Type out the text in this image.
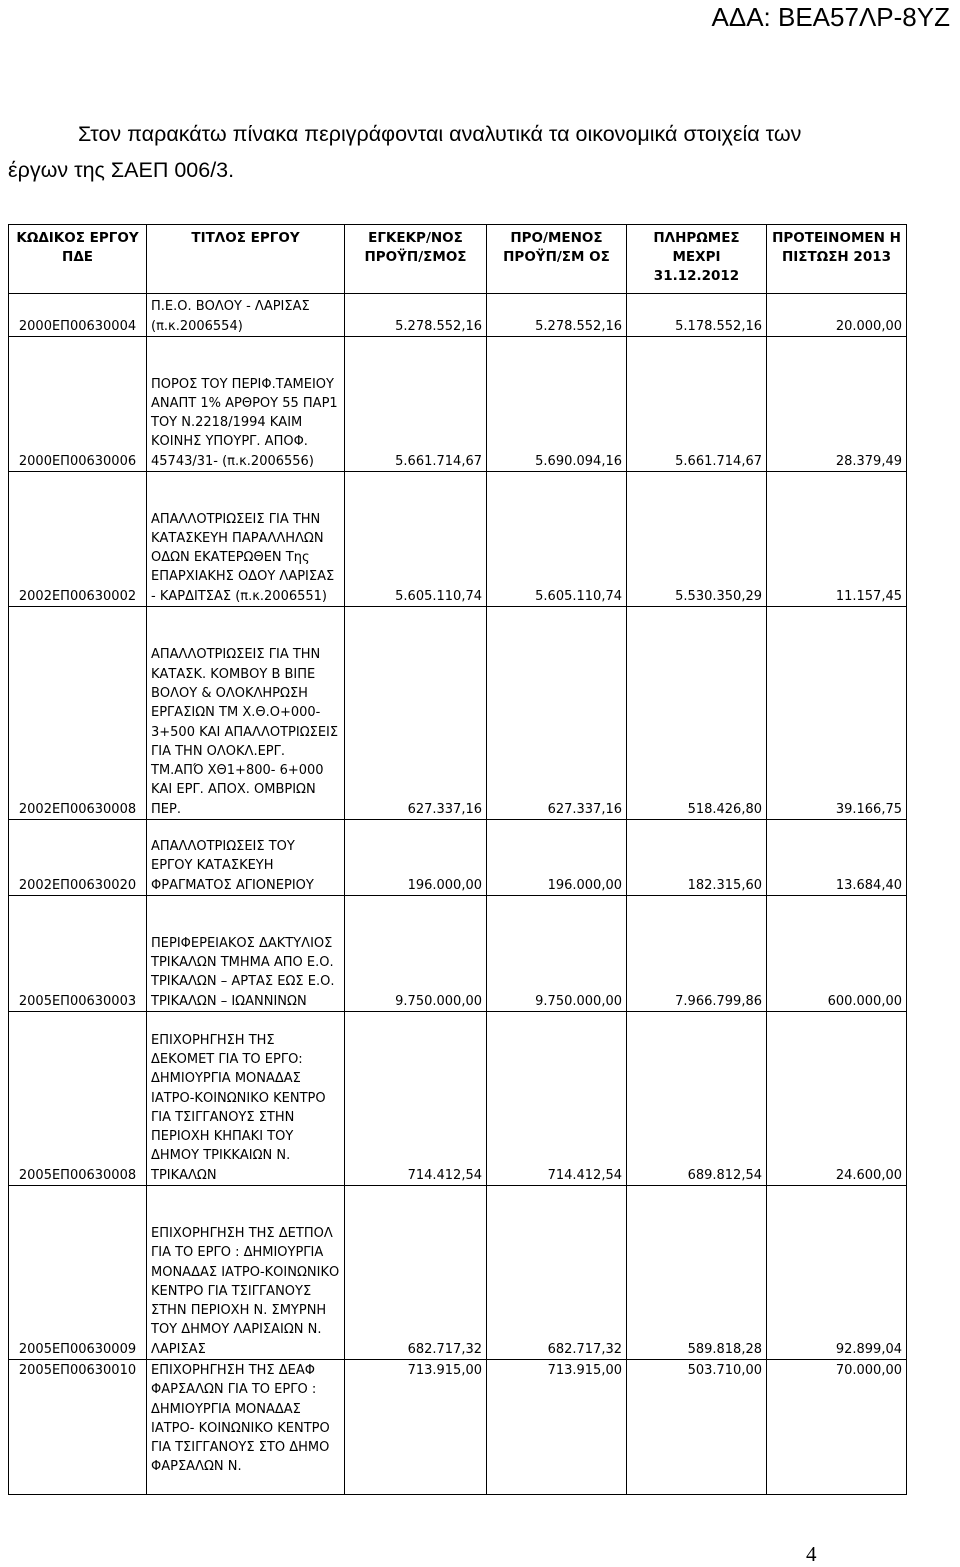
ΑΔΑ: ΒΕΑ57ΛΡ-8ΥΖ
Στον παρακάτω πίνακα περιγράφονται αναλυτικά τα οικονομικά στοιχεία των
έργων της ΣΑΕΠ 006/3.
ΚΩΔΙΚΟΣ ΕΡΓΟΥ ΠΔΕ	ΤΙΤΛΟΣ ΕΡΓΟΥ	ΕΓΚΕΚΡ/ΝΟΣ ΠΡΟΫΠ/ΣΜΟΣ	ΠΡΟ/ΜΕΝΟΣ ΠΡΟΫΠ/ΣΜ ΟΣ	ΠΛΗΡΩΜΕΣ ΜΕΧΡΙ 31.12.2012	ΠΡΟΤΕΙΝΟΜΕΝ Η ΠΙΣΤΩΣΗ 2013
2000ΕΠ00630004	Π.Ε.Ο. ΒΟΛΟΥ - ΛΑΡΙΣΑΣ (π.κ.2006554)	5.278.552,16	5.278.552,16	5.178.552,16	20.000,00
2000ΕΠ00630006	ΠΟΡΟΣ ΤΟΥ ΠΕΡΙΦ.ΤΑΜΕΙΟΥ ΑΝΑΠΤ 1% ΑΡΘΡΟΥ 55 ΠΑΡ1 ΤΟΥ Ν.2218/1994 ΚΑΙΜ ΚΟΙΝΗΣ ΥΠΟΥΡΓ. ΑΠΟΦ. 45743/31- (π.κ.2006556)	5.661.714,67	5.690.094,16	5.661.714,67	28.379,49
2002ΕΠ00630002	ΑΠΑΛΛΟΤΡΙΩΣΕΙΣ ΓΙΑ ΤΗΝ ΚΑΤΑΣΚΕΥΗ ΠΑΡΑΛΛΗΛΩΝ ΟΔΩΝ ΕΚΑΤΕΡΩΘΕΝ Της ΕΠΑΡΧΙΑΚΗΣ ΟΔΟΥ ΛΑΡΙΣΑΣ - ΚΑΡΔΙΤΣΑΣ (π.κ.2006551)	5.605.110,74	5.605.110,74	5.530.350,29	11.157,45
2002ΕΠ00630008	ΑΠΑΛΛΟΤΡΙΩΣΕΙΣ ΓΙΑ ΤΗΝ ΚΑΤΑΣΚ. ΚΟΜΒΟΥ Β ΒΙΠΕ ΒΟΛΟΥ & ΟΛΟΚΛΗΡΩΣΗ ΕΡΓΑΣΙΩΝ ΤΜ Χ.Θ.Ο+000-3+500 ΚΑΙ ΑΠΑΛΛΟΤΡΙΩΣΕΙΣ ΓΙΑ ΤΗΝ ΟΛΟΚΛ.ΕΡΓ. ΤΜ.ΑΠΌ ΧΘ1+800- 6+000 ΚΑΙ ΕΡΓ. ΑΠΟΧ. ΟΜΒΡΙΩΝ ΠΕΡ.	627.337,16	627.337,16	518.426,80	39.166,75
2002ΕΠ00630020	ΑΠΑΛΛΟΤΡΙΩΣΕΙΣ ΤΟΥ ΕΡΓΟΥ ΚΑΤΑΣΚΕΥΗ ΦΡΑΓΜΑΤΟΣ ΑΓΙΟΝΕΡΙΟΥ	196.000,00	196.000,00	182.315,60	13.684,40
2005ΕΠ00630003	ΠΕΡΙΦΕΡΕΙΑΚΟΣ ΔΑΚΤΥΛΙΟΣ ΤΡΙΚΑΛΩΝ ΤΜΗΜΑ ΑΠΟ Ε.Ο. ΤΡΙΚΑΛΩΝ – ΑΡΤΑΣ ΕΩΣ Ε.Ο. ΤΡΙΚΑΛΩΝ – ΙΩΑΝΝΙΝΩΝ	9.750.000,00	9.750.000,00	7.966.799,86	600.000,00
2005ΕΠ00630008	ΕΠΙΧΟΡΗΓΗΣΗ ΤΗΣ ΔΕΚΟΜΕΤ ΓΙΑ ΤΟ ΕΡΓΟ: ΔΗΜΙΟΥΡΓΙΑ ΜΟΝΑΔΑΣ ΙΑΤΡΟ-ΚΟΙΝΩΝΙΚΟ ΚΕΝΤΡΟ ΓΙΑ ΤΣΙΓΓΑΝΟΥΣ ΣΤΗΝ ΠΕΡΙΟΧΗ ΚΗΠΑΚΙ ΤΟΥ ΔΗΜΟΥ ΤΡΙΚΚΑΙΩΝ Ν. ΤΡΙΚΑΛΩΝ	714.412,54	714.412,54	689.812,54	24.600,00
2005ΕΠ00630009	ΕΠΙΧΟΡΗΓΗΣΗ ΤΗΣ ΔΕΤΠΟΛ ΓΙΑ ΤΟ ΕΡΓΟ : ΔΗΜΙΟΥΡΓΙΑ ΜΟΝΑΔΑΣ ΙΑΤΡΟ-ΚΟΙΝΩΝΙΚΟ ΚΕΝΤΡΟ ΓΙΑ ΤΣΙΓΓΑΝΟΥΣ ΣΤΗΝ ΠΕΡΙΟΧΗ Ν. ΣΜΥΡΝΗ ΤΟΥ ΔΗΜΟΥ ΛΑΡΙΣΑΙΩΝ Ν. ΛΑΡΙΣΑΣ	682.717,32	682.717,32	589.818,28	92.899,04
2005ΕΠ00630010	ΕΠΙΧΟΡΗΓΗΣΗ ΤΗΣ ΔΕΑΦ ΦΑΡΣΑΛΩΝ ΓΙΑ ΤΟ ΕΡΓΟ : ΔΗΜΙΟΥΡΓΙΑ ΜΟΝΑΔΑΣ ΙΑΤΡΟ- ΚΟΙΝΩΝΙΚΟ ΚΕΝΤΡΟ ΓΙΑ ΤΣΙΓΓΑΝΟΥΣ ΣΤΟ ΔΗΜΟ ΦΑΡΣΑΛΩΝ Ν.	713.915,00	713.915,00	503.710,00	70.000,00
4
